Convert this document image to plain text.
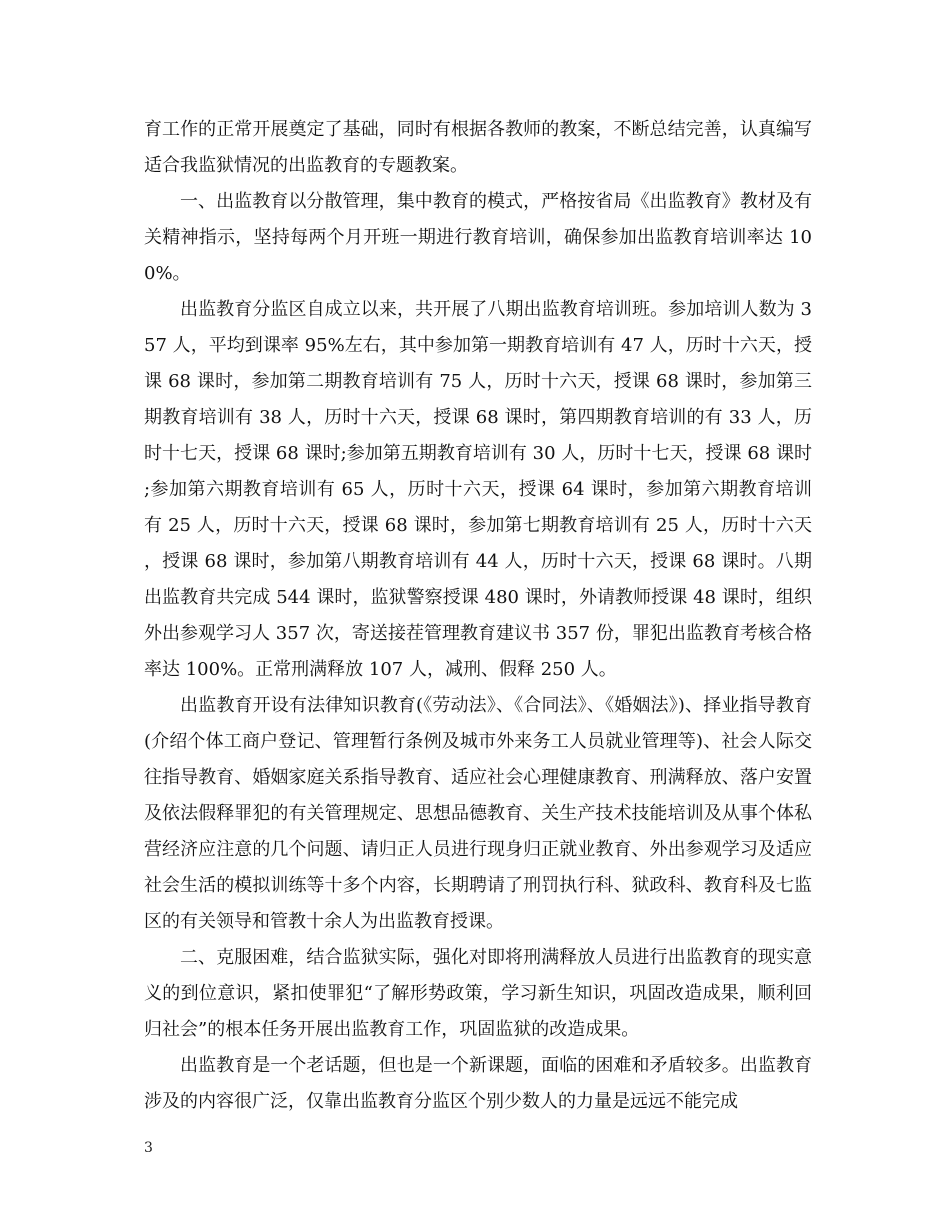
育工作的正常开展奠定了基础，同时有根据各教师的教案，不断总结完善，认真编写适合我监狱情况的出监教育的专题教案。

一、出监教育以分散管理，集中教育的模式，严格按省局《出监教育》教材及有关精神指示，坚持每两个月开班一期进行教育培训，确保参加出监教育培训率达 100%。

出监教育分监区自成立以来，共开展了八期出监教育培训班。参加培训人数为 357 人，平均到课率 95%左右，其中参加第一期教育培训有 47 人，历时十六天，授课 68 课时，参加第二期教育培训有 75 人，历时十六天，授课 68 课时，参加第三期教育培训有 38 人，历时十六天，授课 68 课时，第四期教育培训的有 33 人，历时十七天，授课 68 课时;参加第五期教育培训有 30 人，历时十七天，授课 68 课时;参加第六期教育培训有 65 人，历时十六天，授课 64 课时，参加第六期教育培训有 25 人，历时十六天，授课 68 课时，参加第七期教育培训有 25 人，历时十六天，授课 68 课时，参加第八期教育培训有 44 人，历时十六天，授课 68 课时。八期出监教育共完成 544 课时，监狱警察授课 480 课时，外请教师授课 48 课时，组织外出参观学习人 357 次，寄送接茬管理教育建议书 357 份，罪犯出监教育考核合格率达 100%。正常刑满释放 107 人，减刑、假释 250 人。

出监教育开设有法律知识教育(《劳动法》、《合同法》、《婚姻法》)、择业指导教育(介绍个体工商户登记、管理暂行条例及城市外来务工人员就业管理等)、社会人际交往指导教育、婚姻家庭关系指导教育、适应社会心理健康教育、刑满释放、落户安置及依法假释罪犯的有关管理规定、思想品德教育、关生产技术技能培训及从事个体私营经济应注意的几个问题、请归正人员进行现身归正就业教育、外出参观学习及适应社会生活的模拟训练等十多个内容，长期聘请了刑罚执行科、狱政科、教育科及七监区的有关领导和管教十余人为出监教育授课。

二、克服困难，结合监狱实际，强化对即将刑满释放人员进行出监教育的现实意义的到位意识，紧扣使罪犯“了解形势政策，学习新生知识，巩固改造成果，顺利回归社会”的根本任务开展出监教育工作，巩固监狱的改造成果。

出监教育是一个老话题，但也是一个新课题，面临的困难和矛盾较多。出监教育涉及的内容很广泛，仅靠出监教育分监区个别少数人的力量是远远不能完成

3
